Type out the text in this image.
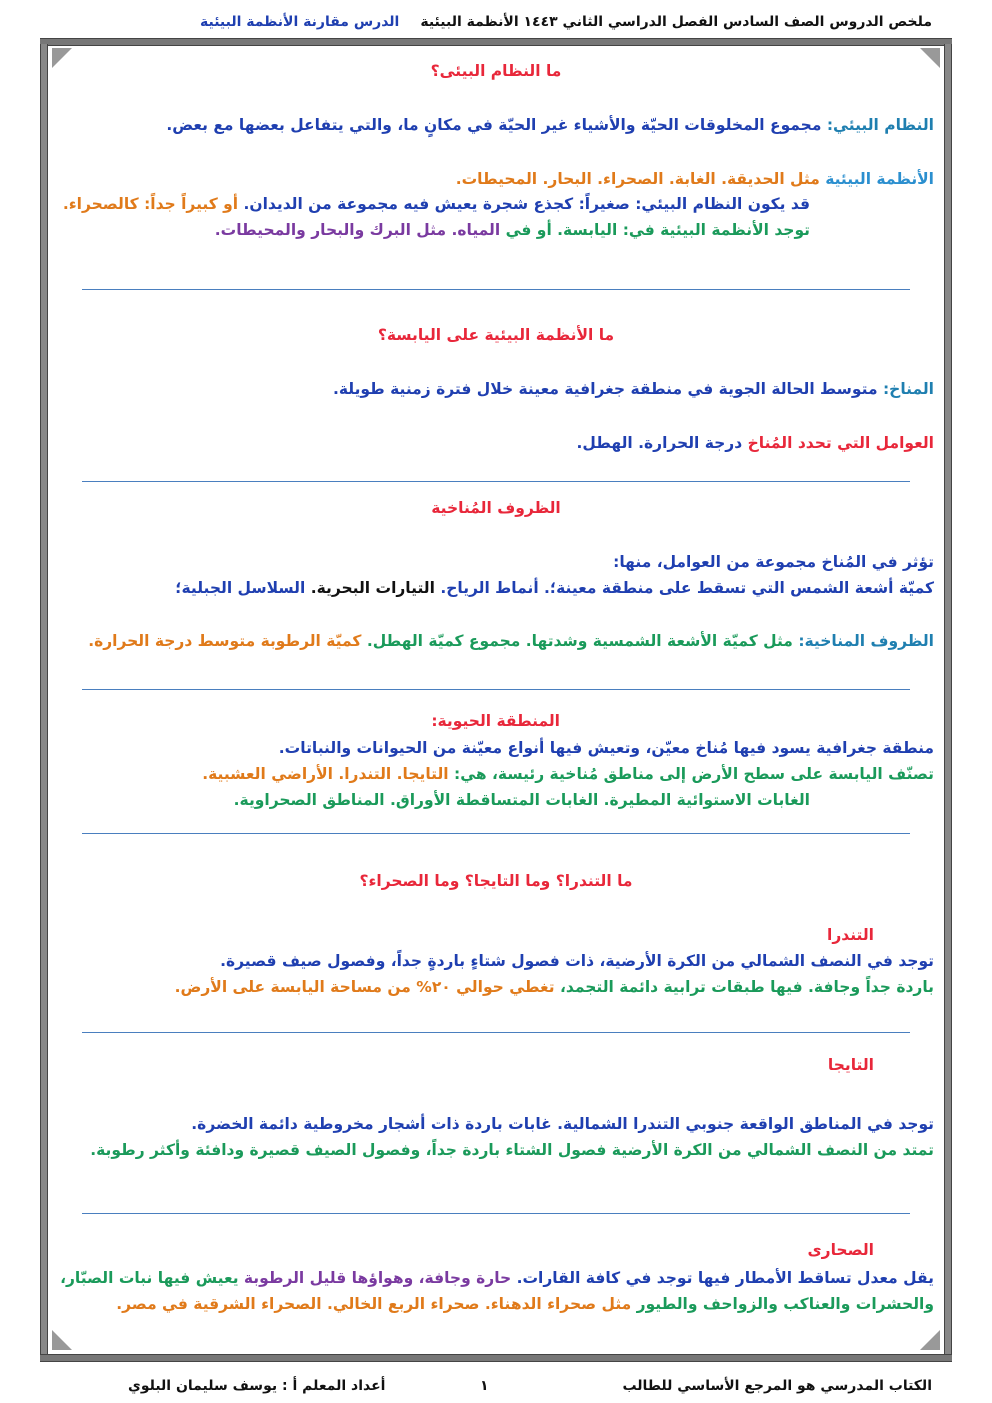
ملخص الدروس الصف السادس الفصل الدراسي الثاني ١٤٤٣ الأنظمة البيئية
الدرس مقارنة الأنظمة البيئية
ما النظام البيئى؟
النظام البيئي: مجموع المخلوقات الحيّة والأشياء غير الحيّة في مكانٍ ما، والتي يتفاعل بعضها مع بعض.
الأنظمة البيئية مثل الحديقة. الغابة. الصحراء. البحار. المحيطات.
قد يكون النظام البيئي: صغيراً: كجذع شجرة يعيش فيه مجموعة من الديدان. أو كبيراً جداً: كالصحراء.
توجد الأنظمة البيئية في: اليابسة. أو في المياه. مثل البرك والبحار والمحيطات.
ما الأنظمة البيئية على اليابسة؟
المناخ: متوسط الحالة الجوية في منطقة جغرافية معينة خلال فترة زمنية طويلة.
العوامل التي تحدد المُناخ درجة الحرارة. الهطل.
الظروف المُناخية
تؤثر في المُناخ مجموعة من العوامل، منها:
كميّة أشعة الشمس التي تسقط على منطقة معينة؛. أنماط الرياح. التيارات البحرية. السلاسل الجبلية؛
الظروف المناخية: مثل كميّة الأشعة الشمسية وشدتها. مجموع كميّة الهطل. كميّة الرطوبة متوسط درجة الحرارة.
المنطقة الحيوية:
منطقة جغرافية يسود فيها مُناخ معيّن، وتعيش فيها أنواع معيّنة من الحيوانات والنباتات.
تصنّف اليابسة على سطح الأرض إلى مناطق مُناخية رئيسة، هي: التايجا. التندرا. الأراضي العشبية.
الغابات الاستوائية المطيرة. الغابات المتساقطة الأوراق. المناطق الصحراوية.
ما التندرا؟ وما التايجا؟ وما الصحراء؟
التندرا
توجد في النصف الشمالي من الكرة الأرضية، ذات فصول شتاءٍ باردةٍ جداً، وفصول صيف قصيرة.
باردة جداً وجافة. فيها طبقات ترابية دائمة التجمد، تغطي حوالي ٢٠% من مساحة اليابسة على الأرض.
التايجا
توجد في المناطق الواقعة جنوبي التندرا الشمالية. غابات باردة ذات أشجار مخروطية دائمة الخضرة.
تمتد من النصف الشمالي من الكرة الأرضية فصول الشتاء باردة جداً، وفصول الصيف قصيرة ودافئة وأكثر رطوبة.
الصحارى
يقل معدل تساقط الأمطار فيها توجد في كافة القارات. حارة وجافة، وهواؤها قليل الرطوبة يعيش فيها نبات الصبّار،
والحشرات والعناكب والزواحف والطيور مثل صحراء الدهناء. صحراء الربع الخالي. الصحراء الشرقية في مصر.
الكتاب المدرسي هو المرجع الأساسي للطالب
١
أعداد المعلم أ : يوسف سليمان البلوي
